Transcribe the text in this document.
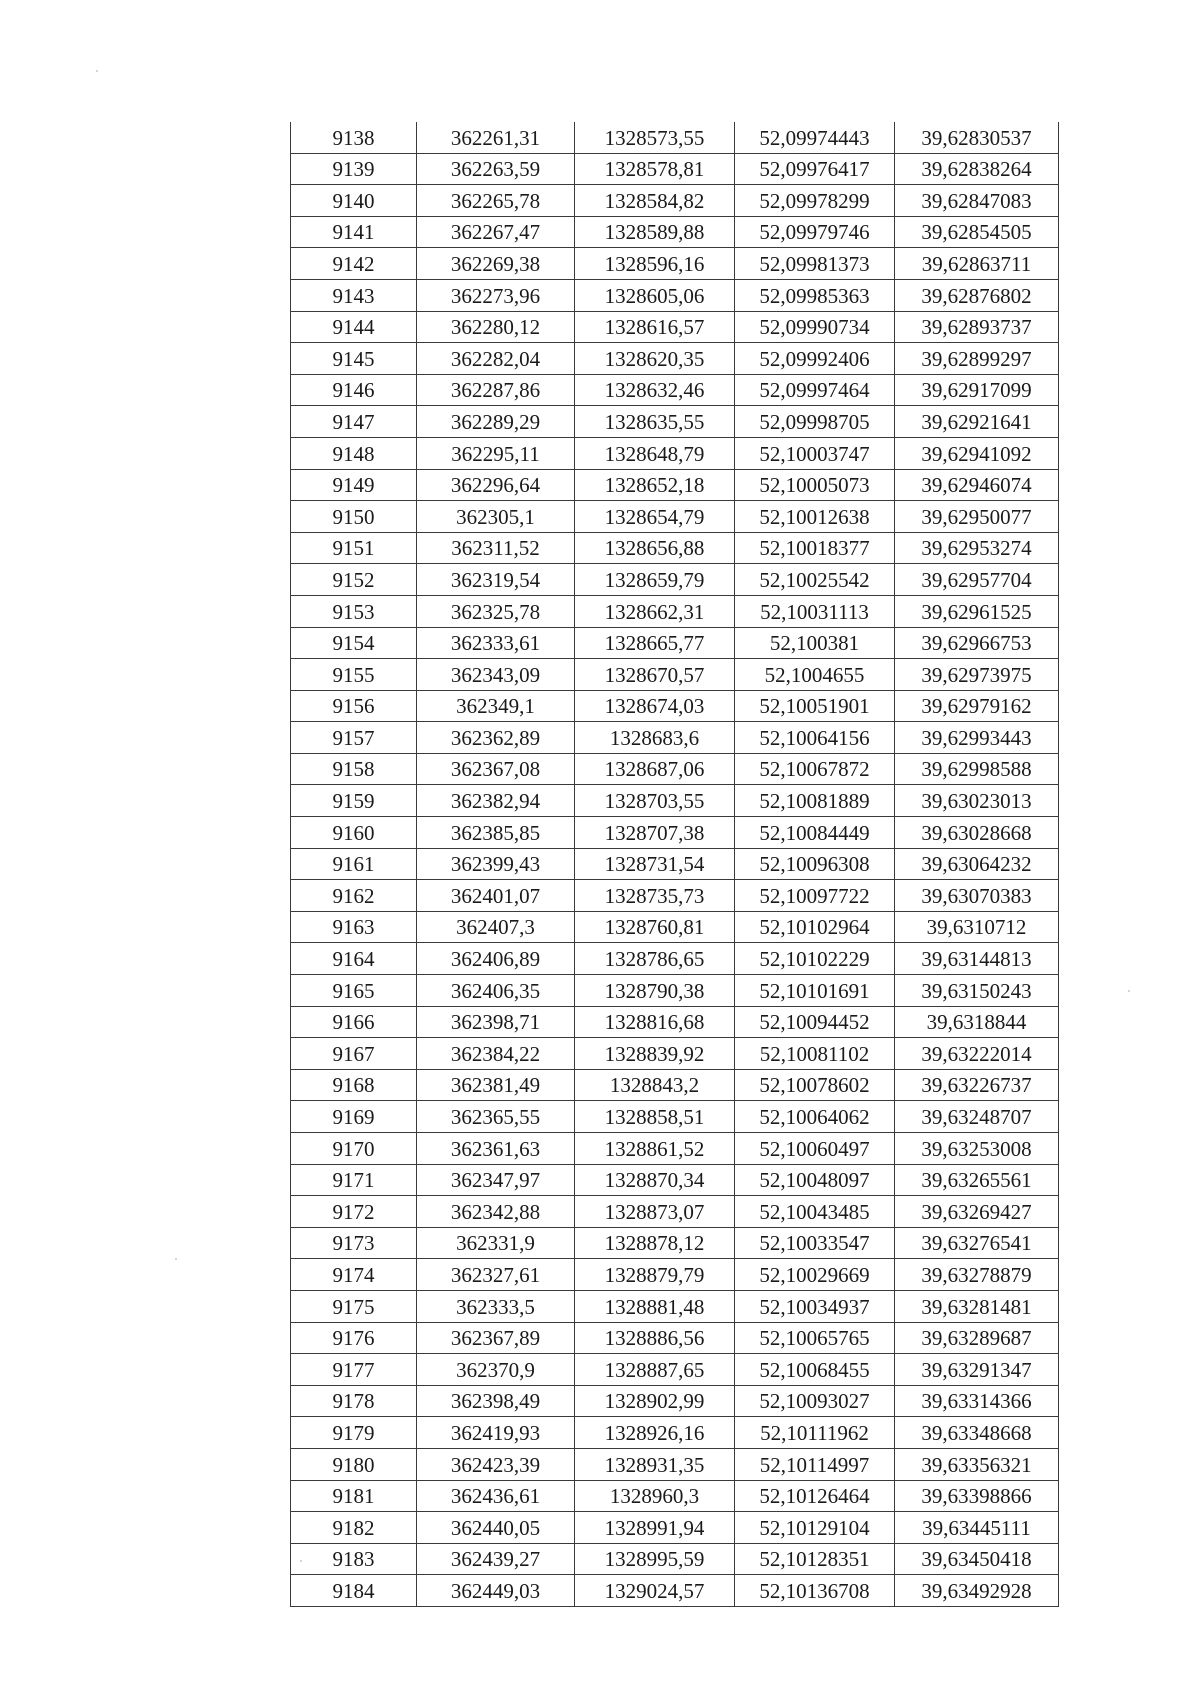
9138	362261,31	1328573,55	52,09974443	39,62830537
9139	362263,59	1328578,81	52,09976417	39,62838264
9140	362265,78	1328584,82	52,09978299	39,62847083
9141	362267,47	1328589,88	52,09979746	39,62854505
9142	362269,38	1328596,16	52,09981373	39,62863711
9143	362273,96	1328605,06	52,09985363	39,62876802
9144	362280,12	1328616,57	52,09990734	39,62893737
9145	362282,04	1328620,35	52,09992406	39,62899297
9146	362287,86	1328632,46	52,09997464	39,62917099
9147	362289,29	1328635,55	52,09998705	39,62921641
9148	362295,11	1328648,79	52,10003747	39,62941092
9149	362296,64	1328652,18	52,10005073	39,62946074
9150	362305,1	1328654,79	52,10012638	39,62950077
9151	362311,52	1328656,88	52,10018377	39,62953274
9152	362319,54	1328659,79	52,10025542	39,62957704
9153	362325,78	1328662,31	52,10031113	39,62961525
9154	362333,61	1328665,77	52,100381	39,62966753
9155	362343,09	1328670,57	52,1004655	39,62973975
9156	362349,1	1328674,03	52,10051901	39,62979162
9157	362362,89	1328683,6	52,10064156	39,62993443
9158	362367,08	1328687,06	52,10067872	39,62998588
9159	362382,94	1328703,55	52,10081889	39,63023013
9160	362385,85	1328707,38	52,10084449	39,63028668
9161	362399,43	1328731,54	52,10096308	39,63064232
9162	362401,07	1328735,73	52,10097722	39,63070383
9163	362407,3	1328760,81	52,10102964	39,6310712
9164	362406,89	1328786,65	52,10102229	39,63144813
9165	362406,35	1328790,38	52,10101691	39,63150243
9166	362398,71	1328816,68	52,10094452	39,6318844
9167	362384,22	1328839,92	52,10081102	39,63222014
9168	362381,49	1328843,2	52,10078602	39,63226737
9169	362365,55	1328858,51	52,10064062	39,63248707
9170	362361,63	1328861,52	52,10060497	39,63253008
9171	362347,97	1328870,34	52,10048097	39,63265561
9172	362342,88	1328873,07	52,10043485	39,63269427
9173	362331,9	1328878,12	52,10033547	39,63276541
9174	362327,61	1328879,79	52,10029669	39,63278879
9175	362333,5	1328881,48	52,10034937	39,63281481
9176	362367,89	1328886,56	52,10065765	39,63289687
9177	362370,9	1328887,65	52,10068455	39,63291347
9178	362398,49	1328902,99	52,10093027	39,63314366
9179	362419,93	1328926,16	52,10111962	39,63348668
9180	362423,39	1328931,35	52,10114997	39,63356321
9181	362436,61	1328960,3	52,10126464	39,63398866
9182	362440,05	1328991,94	52,10129104	39,63445111
9183	362439,27	1328995,59	52,10128351	39,63450418
9184	362449,03	1329024,57	52,10136708	39,63492928
